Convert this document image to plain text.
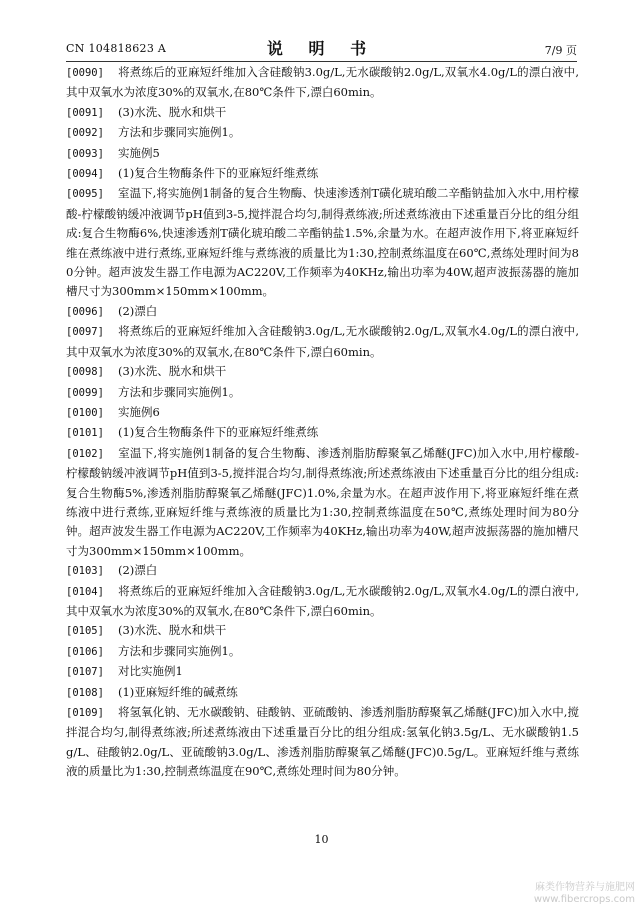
CN 104818623 A	说 明 书	7/9 页
[0090] 将煮练后的亚麻短纤维加入含硅酸钠3.0g/L,无水碳酸钠2.0g/L,双氧水4.0g/L的漂白液中,其中双氧水为浓度30%的双氧水,在80℃条件下,漂白60min。
[0091] (3)水洗、脱水和烘干
[0092] 方法和步骤同实施例1。
[0093] 实施例5
[0094] (1)复合生物酶条件下的亚麻短纤维煮练
[0095] 室温下,将实施例1制备的复合生物酶、快速渗透剂T磺化琥珀酸二辛酯钠盐加入水中,用柠檬酸-柠檬酸钠缓冲液调节pH值到3-5,搅拌混合均匀,制得煮练液;所述煮练液由下述重量百分比的组分组成:复合生物酶6%,快速渗透剂T磺化琥珀酸二辛酯钠盐1.5%,余量为水。在超声波作用下,将亚麻短纤维在煮练液中进行煮练,亚麻短纤维与煮练液的质量比为1:30,控制煮练温度在60℃,煮练处理时间为80分钟。超声波发生器工作电源为AC220V,工作频率为40KHz,输出功率为40W,超声波振荡器的施加槽尺寸为300mm×150mm×100mm。
[0096] (2)漂白
[0097] 将煮练后的亚麻短纤维加入含硅酸钠3.0g/L,无水碳酸钠2.0g/L,双氧水4.0g/L的漂白液中,其中双氧水为浓度30%的双氧水,在80℃条件下,漂白60min。
[0098] (3)水洗、脱水和烘干
[0099] 方法和步骤同实施例1。
[0100] 实施例6
[0101] (1)复合生物酶条件下的亚麻短纤维煮练
[0102] 室温下,将实施例1制备的复合生物酶、渗透剂脂肪醇聚氧乙烯醚(JFC)加入水中,用柠檬酸-柠檬酸钠缓冲液调节pH值到3-5,搅拌混合均匀,制得煮练液;所述煮练液由下述重量百分比的组分组成:复合生物酶5%,渗透剂脂肪醇聚氧乙烯醚(JFC)1.0%,余量为水。在超声波作用下,将亚麻短纤维在煮练液中进行煮练,亚麻短纤维与煮练液的质量比为1:30,控制煮练温度在50℃,煮练处理时间为80分钟。超声波发生器工作电源为AC220V,工作频率为40KHz,输出功率为40W,超声波振荡器的施加槽尺寸为300mm×150mm×100mm。
[0103] (2)漂白
[0104] 将煮练后的亚麻短纤维加入含硅酸钠3.0g/L,无水碳酸钠2.0g/L,双氧水4.0g/L的漂白液中,其中双氧水为浓度30%的双氧水,在80℃条件下,漂白60min。
[0105] (3)水洗、脱水和烘干
[0106] 方法和步骤同实施例1。
[0107] 对比实施例1
[0108] (1)亚麻短纤维的碱煮练
[0109] 将氢氧化钠、无水碳酸钠、硅酸钠、亚硫酸钠、渗透剂脂肪醇聚氧乙烯醚(JFC)加入水中,搅拌混合均匀,制得煮练液;所述煮练液由下述重量百分比的组分组成:氢氧化钠3.5g/L、无水碳酸钠1.5g/L、硅酸钠2.0g/L、亚硫酸钠3.0g/L、渗透剂脂肪醇聚氧乙烯醚(JFC)0.5g/L。亚麻短纤维与煮练液的质量比为1:30,控制煮练温度在90℃,煮练处理时间为80分钟。
10
麻类作物营养与施肥网
www.fibercrops.com
